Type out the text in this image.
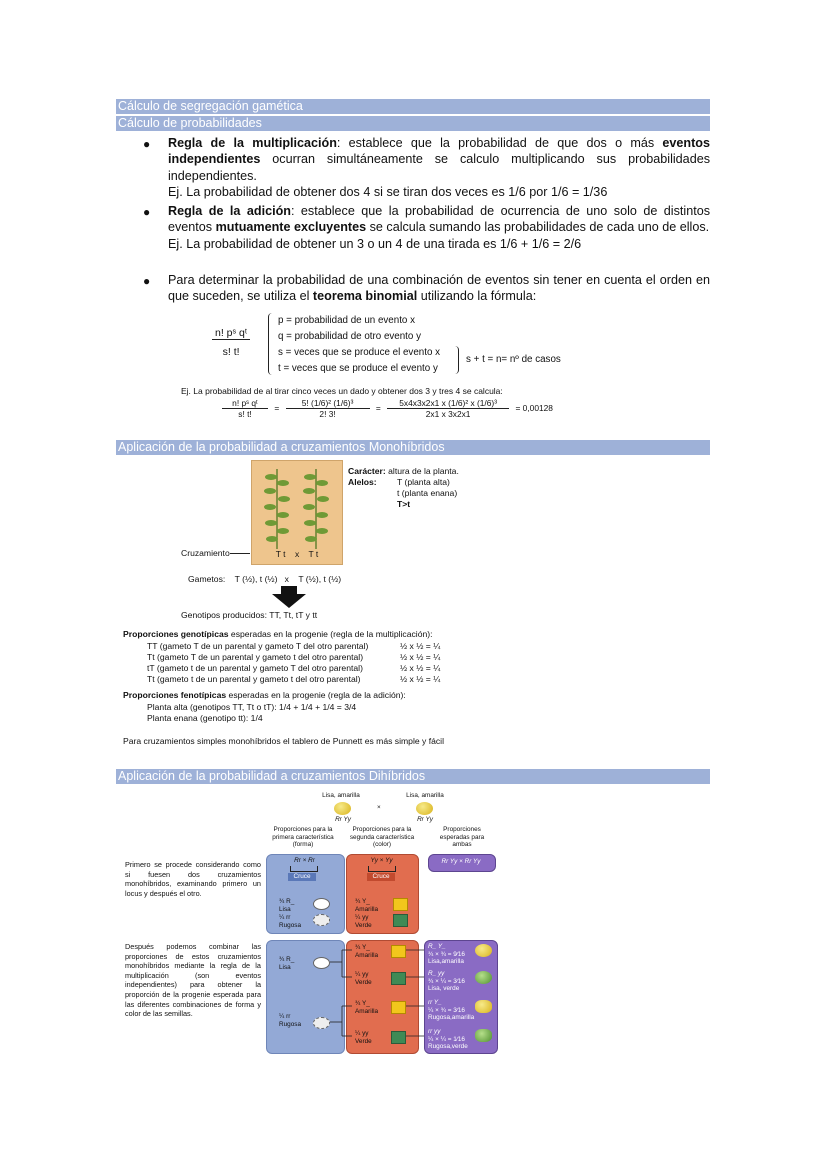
Cálculo de segregación gamética
Cálculo de probabilidades
● Regla de la multiplicación: establece que la probabilidad de que dos o más eventos independientes ocurran simultáneamente se calculo multiplicando sus probabilidades independientes.
Ej. La probabilidad de obtener dos 4 si se tiran dos veces es 1/6 por 1/6 = 1/36
● Regla de la adición: establece que la probabilidad de ocurrencia de uno solo de distintos eventos mutuamente excluyentes se calcula sumando las probabilidades de cada uno de ellos.
Ej. La probabilidad de obtener un 3 o un 4 de una tirada es 1/6 + 1/6 = 2/6
● Para determinar la probabilidad de una combinación de eventos sin tener en cuenta el orden en que suceden, se utiliza el teorema binomial utilizando la fórmula:
$\frac{\text{n! pˢ qᵗ}}{s! t!}$
p = probabilidad de un evento x
q = probabilidad de otro evento y
s = veces que se produce el evento x
t = veces que se produce el evento y
s + t = n= nº de casos
Ej. La probabilidad de al tirar cinco veces un dado y obtener dos 3 y tres 4 se calcula:
$\frac{\text{n! pˢ qᵗ}}{s! t!} = \frac{\text{5! (1/6)² (1/6)³}}{2! 3!} = \frac{\text{5x4x3x2x1 x (1/6)² x (1/6)³}}{2x1 x 3x2x1} = 0,00128$
Aplicación de la probabilidad a cruzamientos Monohíbridos
T t    x    T t
Carácter: altura de la planta.
Alelos:	T (planta alta)
t (planta enana)
T>t
Cruzamiento
Gametos:    T (½), t (½)   x    T (½), t (½)
Genotipos producidos: TT, Tt, tT y tt
Proporciones genotípicas esperadas en la progenie (regla de la multiplicación):
TT (gameto T de un parental y gameto T del otro parental)	½ x ½ = ¼
Tt (gameto T de un parental y gameto t del otro parental)	½ x ½ = ¼
tT (gameto t de un parental y gameto T del otro parental)	½ x ½ = ¼
Tt (gameto t de un parental y gameto t del otro parental)	½ x ½ = ¼
Proporciones fenotípicas esperadas en la progenie (regla de la adición):
Planta alta (genotipos TT, Tt o tT): 1/4 + 1/4 + 1/4 = 3/4
Planta enana (genotipo tt): 1/4
Para cruzamientos simples monohíbridos el tablero de Punnett es más simple y fácil
Aplicación de la probabilidad a cruzamientos Dihíbridos
Lisa, amarilla	Lisa, amarilla
×
Rr Yy	Rr Yy
Proporciones para la primera característica (forma)
Proporciones para la segunda característica (color)
Proporciones esperadas para ambas
Rr Yy × Rr Yy
Rr × Rr	Yy × Yy
Cruce	Cruce
¾ R_
Lisa
¼ rr
Rugosa
¾ Y_
Amarilla
¼ yy
Verde
Primero se procede considerando como si fuesen dos cruzamientos monohíbridos, examinando primero un locus y después el otro.
Después podemos combinar las proporciones de estos cruzamientos monohíbridos mediante la regla de la multiplicación (son eventos independientes) para obtener la proporción de la progenie esperada para las diferentes combinaciones de forma y color de las semillas.
¾ R_
Lisa
¼ rr
Rugosa
¾ Y_
Amarilla
¼ yy
Verde
¾ Y_
Amarilla
¼ yy
Verde
R_ Y_
¾ × ¾ = 9⁄16
Lisa,amarilla
R_ yy
¾ × ¼ = 3⁄16
Lisa, verde
rr Y_
¼ × ¾ = 3⁄16
Rugosa,amarilla
rr yy
¼ × ¼ = 1⁄16
Rugosa,verde
